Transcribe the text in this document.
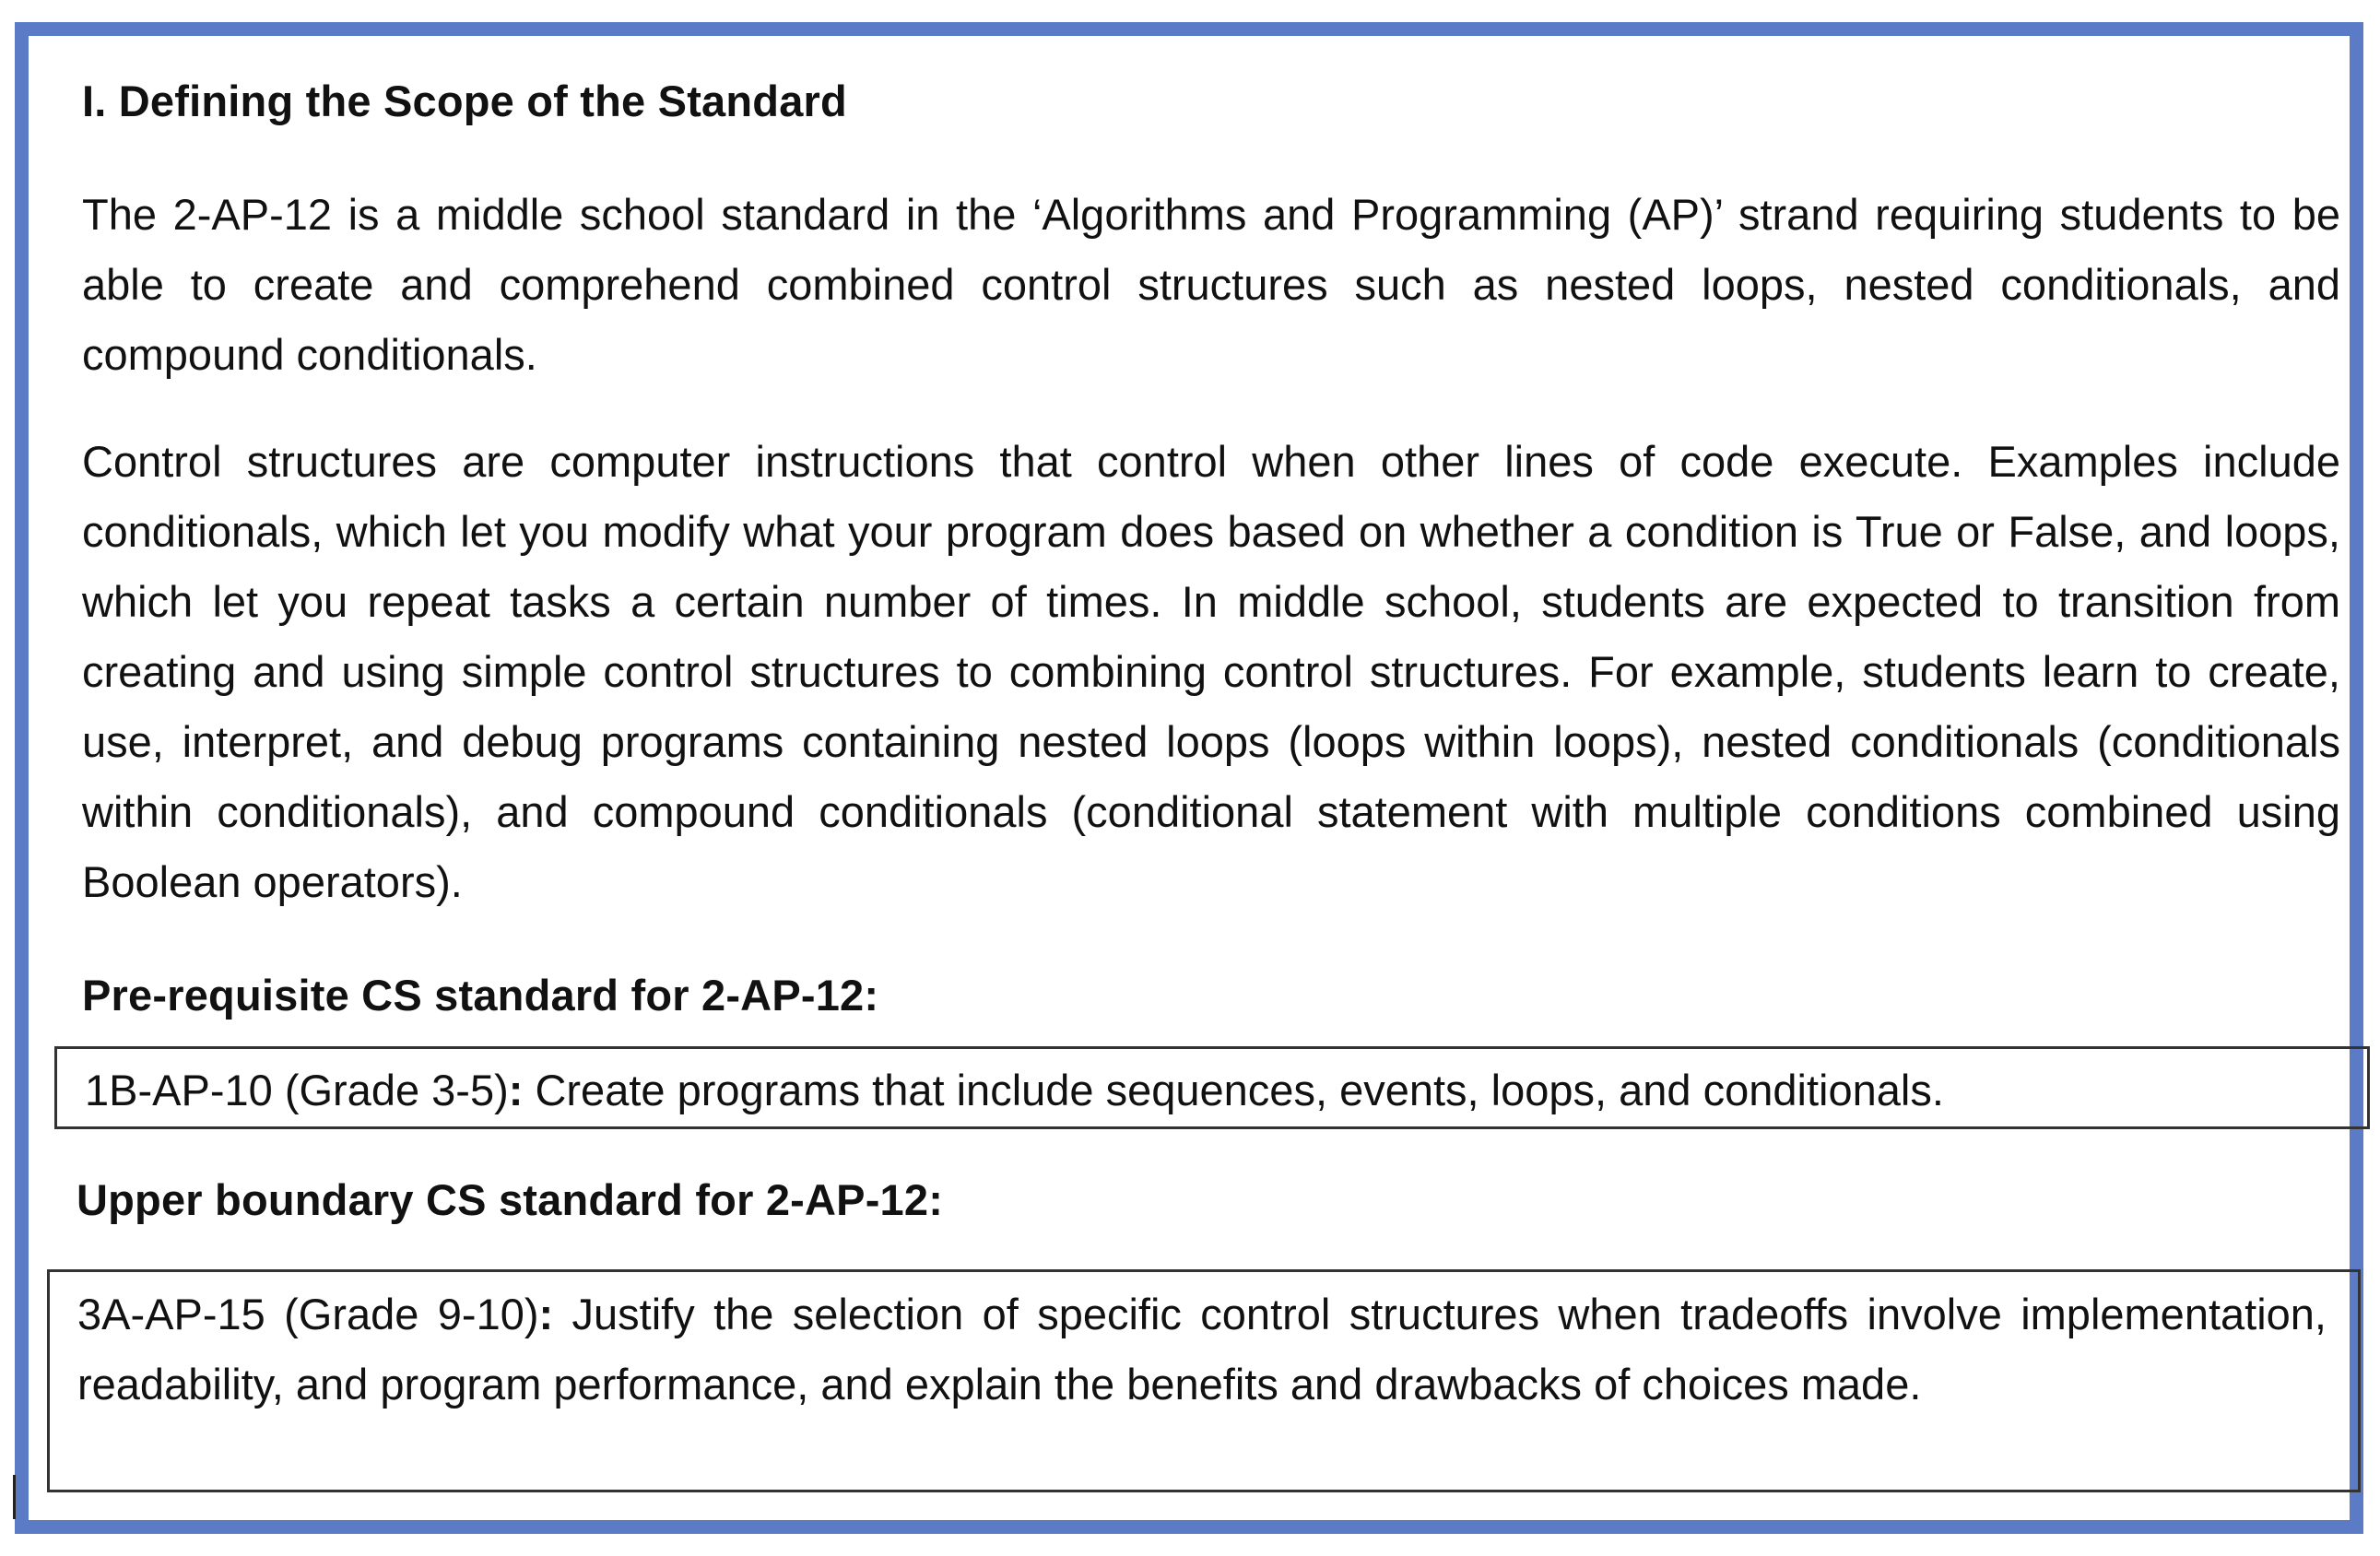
I. Defining the Scope of the Standard

The 2-AP-12 is a middle school standard in the ‘Algorithms and Programming (AP)’ strand requiring students to be able to create and comprehend combined control structures such as nested loops, nested conditionals, and compound conditionals.

Control structures are computer instructions that control when other lines of code execute. Examples include conditionals, which let you modify what your program does based on whether a condition is True or False, and loops, which let you repeat tasks a certain number of times. In middle school, students are expected to transition from creating and using simple control structures to combining control structures. For example, students learn to create, use, interpret, and debug programs containing nested loops (loops within loops), nested conditionals (conditionals within conditionals), and compound conditionals (conditional statement with multiple conditions combined using Boolean operators).

Pre-requisite CS standard for 2-AP-12:
1B-AP-10 (Grade 3-5): Create programs that include sequences, events, loops, and conditionals.
Upper boundary CS standard for 2-AP-12:
3A-AP-15 (Grade 9-10): Justify the selection of specific control structures when tradeoffs involve implementation, readability, and program performance, and explain the benefits and drawbacks of choices made.
